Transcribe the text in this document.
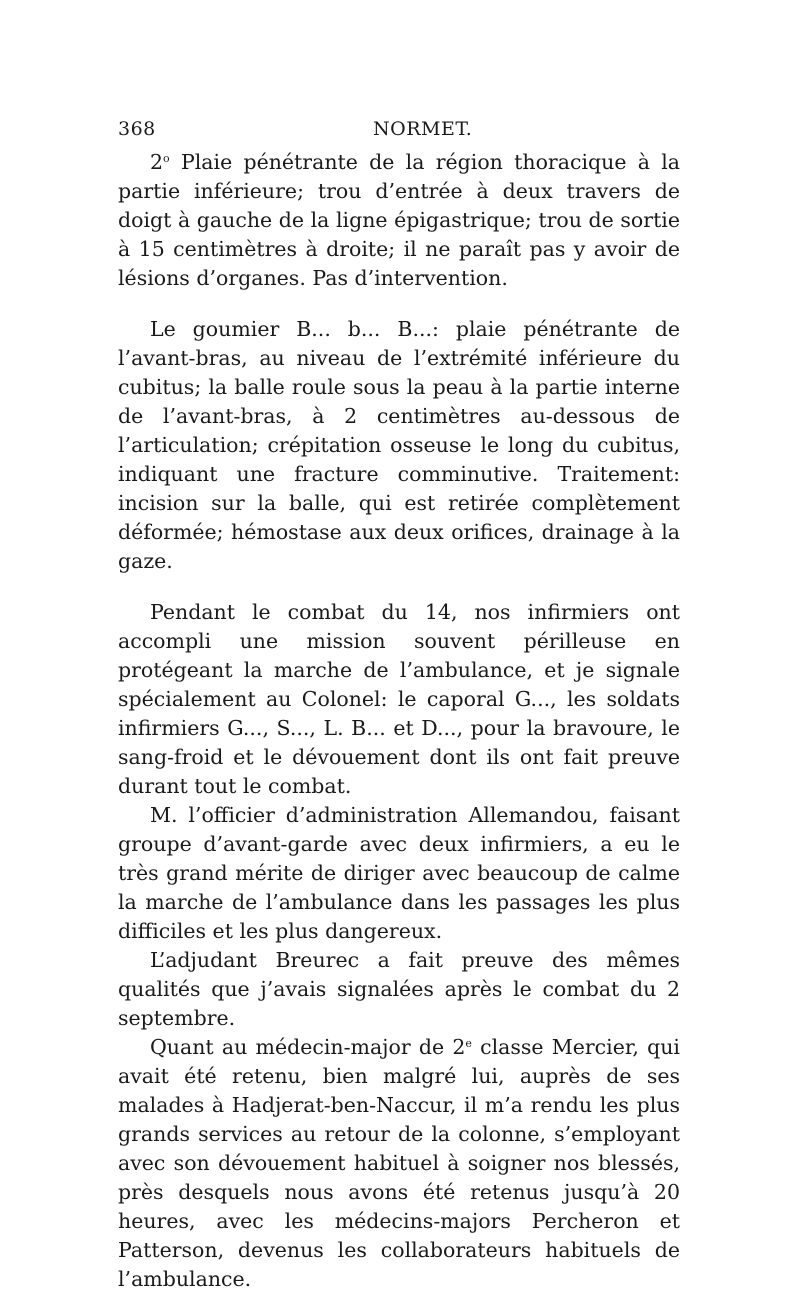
368	NORMET.

2$^o$ Plaie pénétrante de la région thoracique à la partie inférieure; trou d’entrée à deux travers de doigt à gauche de la ligne épigastrique; trou de sortie à 15 centimètres à droite; il ne paraît pas y avoir de lésions d’organes. Pas d’intervention.

Le goumier B... b... B...: plaie pénétrante de l’avant-bras, au niveau de l’extrémité inférieure du cubitus; la balle roule sous la peau à la partie interne de l’avant-bras, à 2 centimètres au-dessous de l’articulation; crépitation osseuse le long du cubitus, indiquant une fracture comminutive. Traitement: incision sur la balle, qui est retirée complètement déformée; hémostase aux deux orifices, drainage à la gaze.

Pendant le combat du 14, nos infirmiers ont accompli une mission souvent périlleuse en protégeant la marche de l’ambulance, et je signale spécialement au Colonel: le caporal G..., les soldats infirmiers G..., S..., L. B... et D..., pour la bravoure, le sang-froid et le dévouement dont ils ont fait preuve durant tout le combat.

M. l’officier d’administration Allemandou, faisant groupe d’avant-garde avec deux infirmiers, a eu le très grand mérite de diriger avec beaucoup de calme la marche de l’ambulance dans les passages les plus difficiles et les plus dangereux.

L’adjudant Breurec a fait preuve des mêmes qualités que j’avais signalées après le combat du 2 septembre.

Quant au médecin-major de 2e classe Mercier, qui avait été retenu, bien malgré lui, auprès de ses malades à Hadjerat-ben-Naccur, il m’a rendu les plus grands services au retour de la colonne, s’employant avec son dévouement habituel à soigner nos blessés, près desquels nous avons été retenus jusqu’à 20 heures, avec les médecins-majors Percheron et Patterson, devenus les collaborateurs habituels de l’ambulance.
